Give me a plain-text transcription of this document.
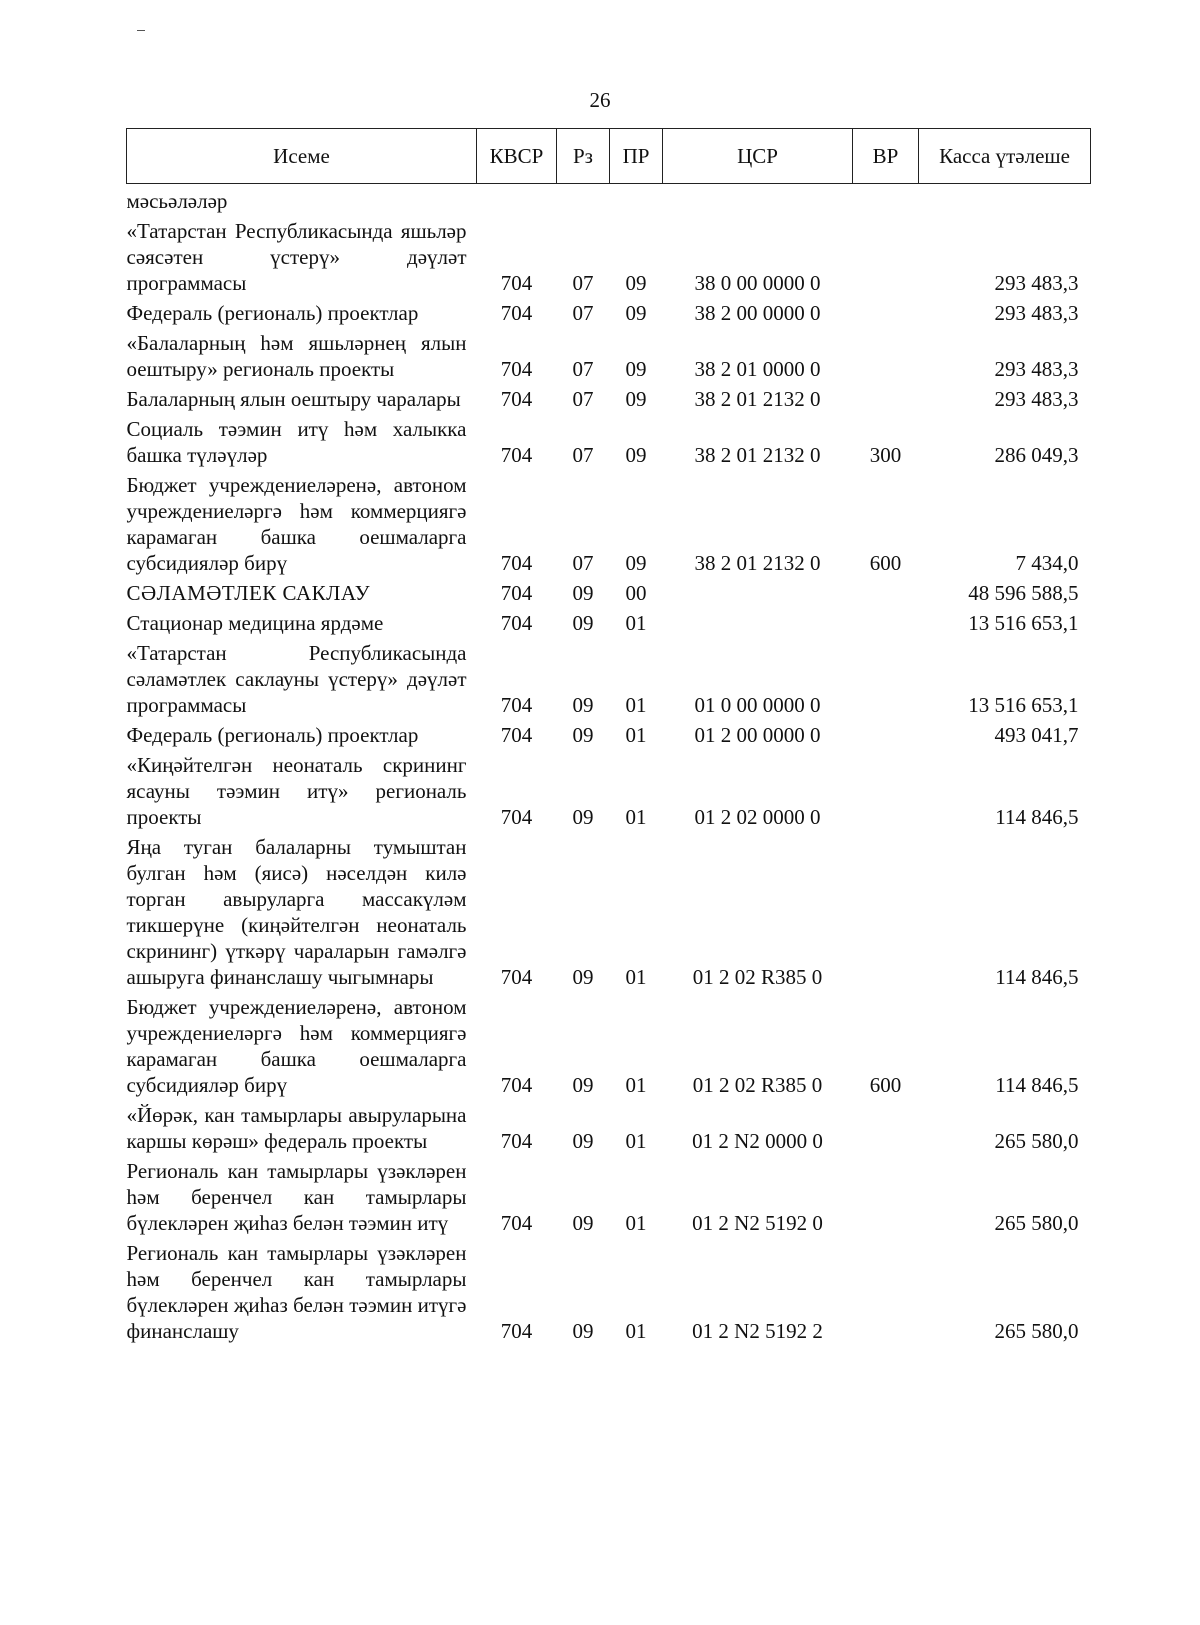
26
Исеме	КВСР	Рз	ПР	ЦСР	ВР	Касса үтәлеше
мәсьәләләр						
«Татарстан Республикасында яшьләр сәясәтен үстерү» дәүләт программасы	704	07	09	38 0 00 0000 0		293 483,3
Федераль (региональ) проектлар	704	07	09	38 2 00 0000 0		293 483,3
«Балаларның һәм яшьләрнең ялын оештыру» региональ проекты	704	07	09	38 2 01 0000 0		293 483,3
Балаларның ялын оештыру чаралары	704	07	09	38 2 01 2132 0		293 483,3
Социаль тәэмин итү һәм халыкка башка түләүләр	704	07	09	38 2 01 2132 0	300	286 049,3
Бюджет учреждениеләренә, автоном учреждениеләргә һәм коммерциягә карамаган башка оешмаларга субсидияләр бирү	704	07	09	38 2 01 2132 0	600	7 434,0
СӘЛАМӘТЛЕК САКЛАУ	704	09	00			48 596 588,5
Стационар медицина ярдәме	704	09	01			13 516 653,1
«Татарстан Республикасында сәламәтлек саклауны үстерү» дәүләт программасы	704	09	01	01 0 00 0000 0		13 516 653,1
Федераль (региональ) проектлар	704	09	01	01 2 00 0000 0		493 041,7
«Киңәйтелгән неонаталь скрининг ясауны тәэмин итү» региональ проекты	704	09	01	01 2 02 0000 0		114 846,5
Яңа туган балаларны тумыштан булган һәм (яисә) нәселдән килә торган авыруларга массакүләм тикшерүне (киңәйтелгән неонаталь скрининг) үткәрү чараларын гамәлгә ашыруга финанслашу чыгымнары	704	09	01	01 2 02 R385 0		114 846,5
Бюджет учреждениеләренә, автоном учреждениеләргә һәм коммерциягә карамаган башка оешмаларга субсидияләр бирү	704	09	01	01 2 02 R385 0	600	114 846,5
«Йөрәк, кан тамырлары авыруларына каршы көрәш» федераль проекты	704	09	01	01 2 N2 0000 0		265 580,0
Региональ кан тамырлары үзәкләрен һәм беренчел кан тамырлары бүлекләрен җиһаз белән тәэмин итү	704	09	01	01 2 N2 5192 0		265 580,0
Региональ кан тамырлары үзәкләрен һәм беренчел кан тамырлары бүлекләрен җиһаз белән тәэмин итүгә финанслашу	704	09	01	01 2 N2 5192 2		265 580,0
